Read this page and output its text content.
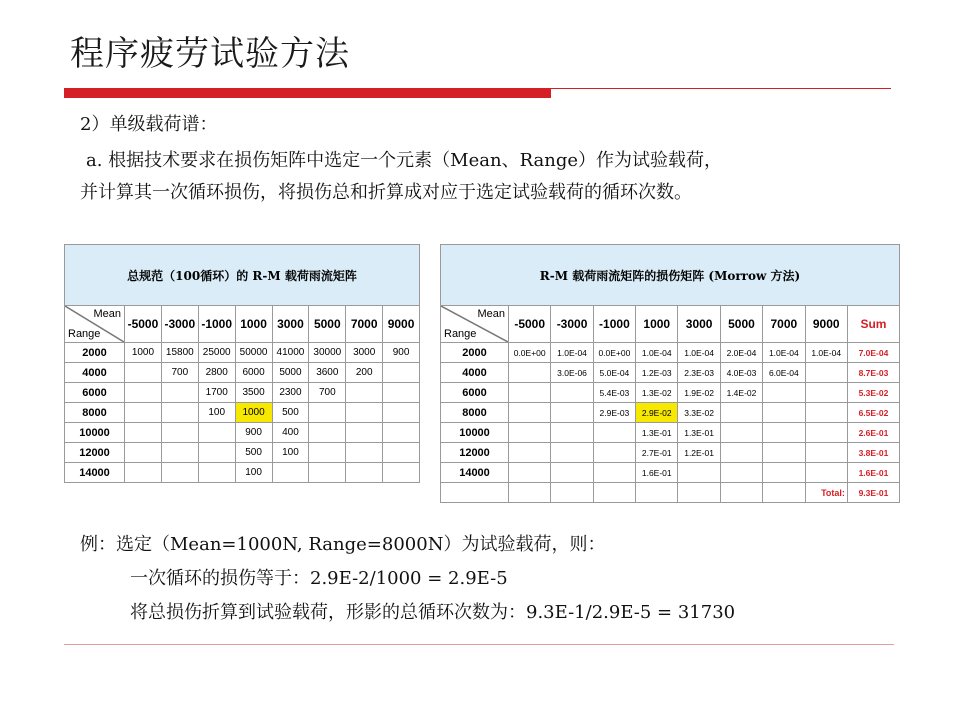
程序疲劳试验方法
2）单级载荷谱：
a. 根据技术要求在损伤矩阵中选定一个元素（Mean、Range）作为试验载荷，
并计算其一次循环损伤，将损伤总和折算成对应于选定试验载荷的循环次数。
总规范（100循环）的 R-M 载荷雨流矩阵								

Mean
Range	-5000	-3000	-1000	1000	3000	5000	7000	9000
2000	1000	15800	25000	50000	41000	30000	3000	900
4000		700	2800	6000	5000	3600	200	
6000			1700	3500	2300	700		
8000			100	1000	500			
10000				900	400			
12000				500	100			
14000				100				
R-M 载荷雨流矩阵的损伤矩阵 (Morrow 方法)									

Mean
Range	-5000	-3000	-1000	1000	3000	5000	7000	9000	Sum
2000	0.0E+00	1.0E-04	0.0E+00	1.0E-04	1.0E-04	2.0E-04	1.0E-04	1.0E-04	7.0E-04
4000		3.0E-06	5.0E-04	1.2E-03	2.3E-03	4.0E-03	6.0E-04		8.7E-03
6000			5.4E-03	1.3E-02	1.9E-02	1.4E-02			5.3E-02
8000			2.9E-03	2.9E-02	3.3E-02				6.5E-02
10000				1.3E-01	1.3E-01				2.6E-01
12000				2.7E-01	1.2E-01				3.8E-01
14000				1.6E-01					1.6E-01
								Total:	9.3E-01
例：选定（Mean=1000N, Range=8000N）为试验载荷，则：
一次循环的损伤等于：2.9E-2/1000 = 2.9E-5
将总损伤折算到试验载荷，形影的总循环次数为：9.3E-1/2.9E-5 = 31730
